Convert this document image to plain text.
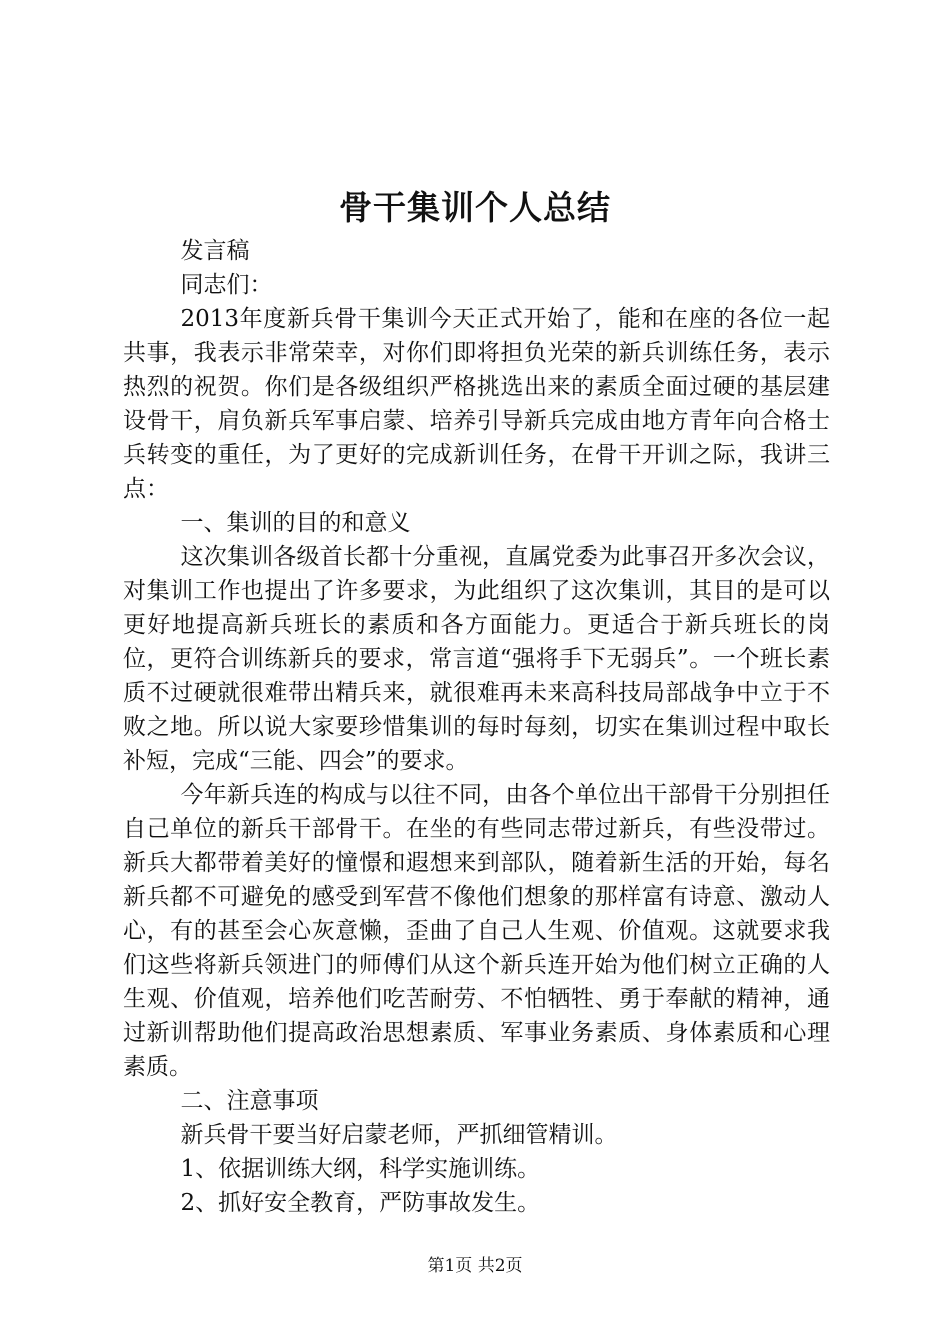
骨干集训个人总结

发言稿

同志们：

2013年度新兵骨干集训今天正式开始了，能和在座的各位一起共事，我表示非常荣幸，对你们即将担负光荣的新兵训练任务，表示热烈的祝贺。你们是各级组织严格挑选出来的素质全面过硬的基层建设骨干，肩负新兵军事启蒙、培养引导新兵完成由地方青年向合格士兵转变的重任，为了更好的完成新训任务，在骨干开训之际，我讲三点：

一、集训的目的和意义

这次集训各级首长都十分重视，直属党委为此事召开多次会议，对集训工作也提出了许多要求，为此组织了这次集训，其目的是可以更好地提高新兵班长的素质和各方面能力。更适合于新兵班长的岗位，更符合训练新兵的要求，常言道“强将手下无弱兵”。一个班长素质不过硬就很难带出精兵来，就很难再未来高科技局部战争中立于不败之地。所以说大家要珍惜集训的每时每刻，切实在集训过程中取长补短，完成“三能、四会”的要求。

今年新兵连的构成与以往不同，由各个单位出干部骨干分别担任自己单位的新兵干部骨干。在坐的有些同志带过新兵，有些没带过。新兵大都带着美好的憧憬和遐想来到部队，随着新生活的开始，每名新兵都不可避免的感受到军营不像他们想象的那样富有诗意、激动人心，有的甚至会心灰意懒，歪曲了自己人生观、价值观。这就要求我们这些将新兵领进门的师傅们从这个新兵连开始为他们树立正确的人生观、价值观，培养他们吃苦耐劳、不怕牺牲、勇于奉献的精神，通过新训帮助他们提高政治思想素质、军事业务素质、身体素质和心理素质。

二、注意事项

新兵骨干要当好启蒙老师，严抓细管精训。

1、依据训练大纲，科学实施训练。

2、抓好安全教育，严防事故发生。

第1页 共2页
